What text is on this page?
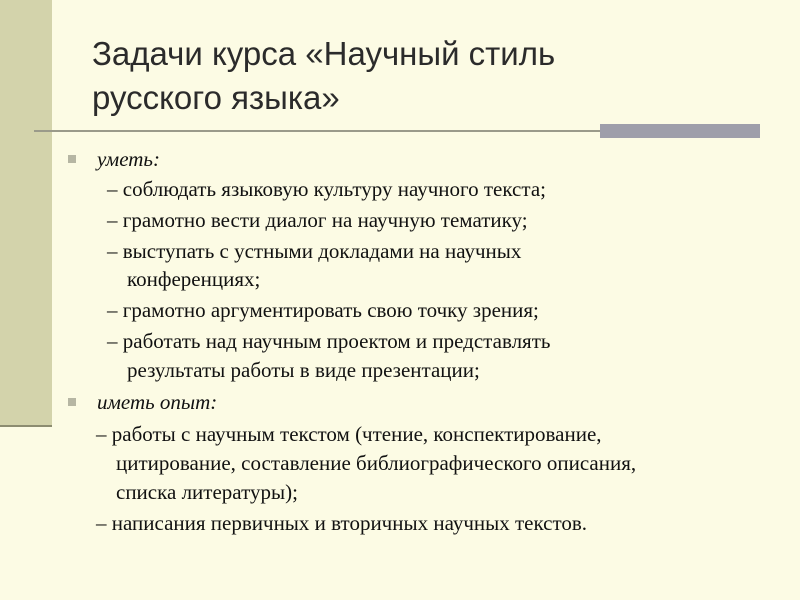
Задачи курса «Научный стиль
русского языка»
уметь:
– соблюдать языковую культуру научного текста;
– грамотно вести диалог на научную тематику;
– выступать с устными докладами на научных
конференциях;
– грамотно аргументировать свою точку зрения;
– работать над научным проектом и представлять
результаты работы в виде презентации;
иметь опыт:
– работы с научным текстом (чтение, конспектирование,
цитирование, составление библиографического описания,
списка литературы);
– написания первичных и вторичных научных текстов.
